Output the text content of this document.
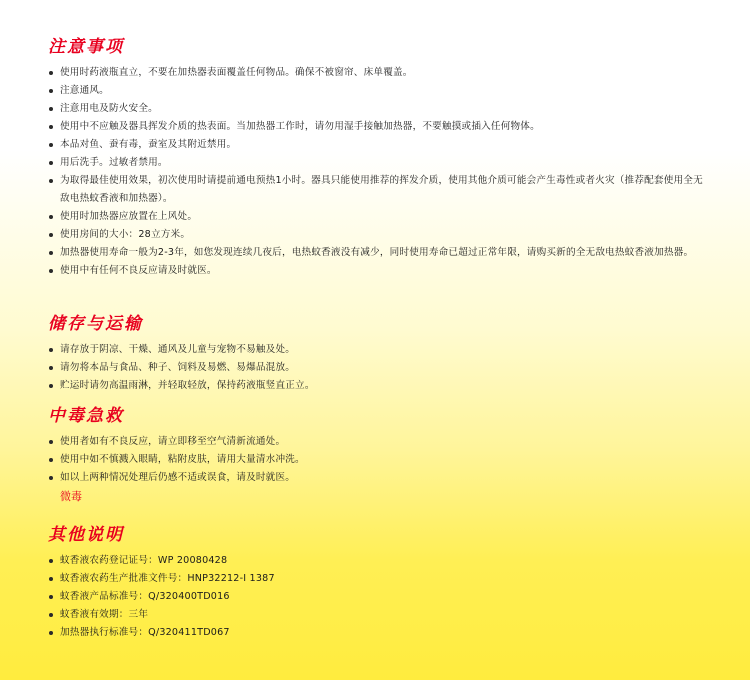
注意事项
使用时药液瓶直立，不要在加热器表面覆盖任何物品。确保不被窗帘、床单覆盖。
注意通风。
注意用电及防火安全。
使用中不应触及器具挥发介质的热表面。当加热器工作时，请勿用湿手接触加热器，不要触摸或插入任何物体。
本品对鱼、蚕有毒，蚕室及其附近禁用。
用后洗手。过敏者禁用。
为取得最佳使用效果，初次使用时请提前通电预热1小时。器具只能使用推荐的挥发介质，使用其他介质可能会产生毒性或者火灾（推荐配套使用全无敌电热蚊香液和加热器）。
使用时加热器应放置在上风处。
使用房间的大小：28立方米。
加热器使用寿命一般为2-3年，如您发现连续几夜后，电热蚊香液没有减少，同时使用寿命已超过正常年限，请购买新的全无敌电热蚊香液加热器。
使用中有任何不良反应请及时就医。
储存与运输
请存放于阴凉、干燥、通风及儿童与宠物不易触及处。
请勿将本品与食品、种子、饲料及易燃、易爆品混放。
贮运时请勿高温雨淋，并轻取轻放，保持药液瓶竖直正立。
中毒急救
使用者如有不良反应，请立即移至空气清新流通处。
使用中如不慎溅入眼睛，粘附皮肤，请用大量清水冲洗。
如以上两种情况处理后仍感不适或误食，请及时就医。
微毒
其他说明
蚊香液农药登记证号：WP 20080428
蚊香液农药生产批准文件号：HNP32212-I 1387
蚊香液产品标准号：Q/320400TD016
蚊香液有效期：三年
加热器执行标准号：Q/320411TD067
